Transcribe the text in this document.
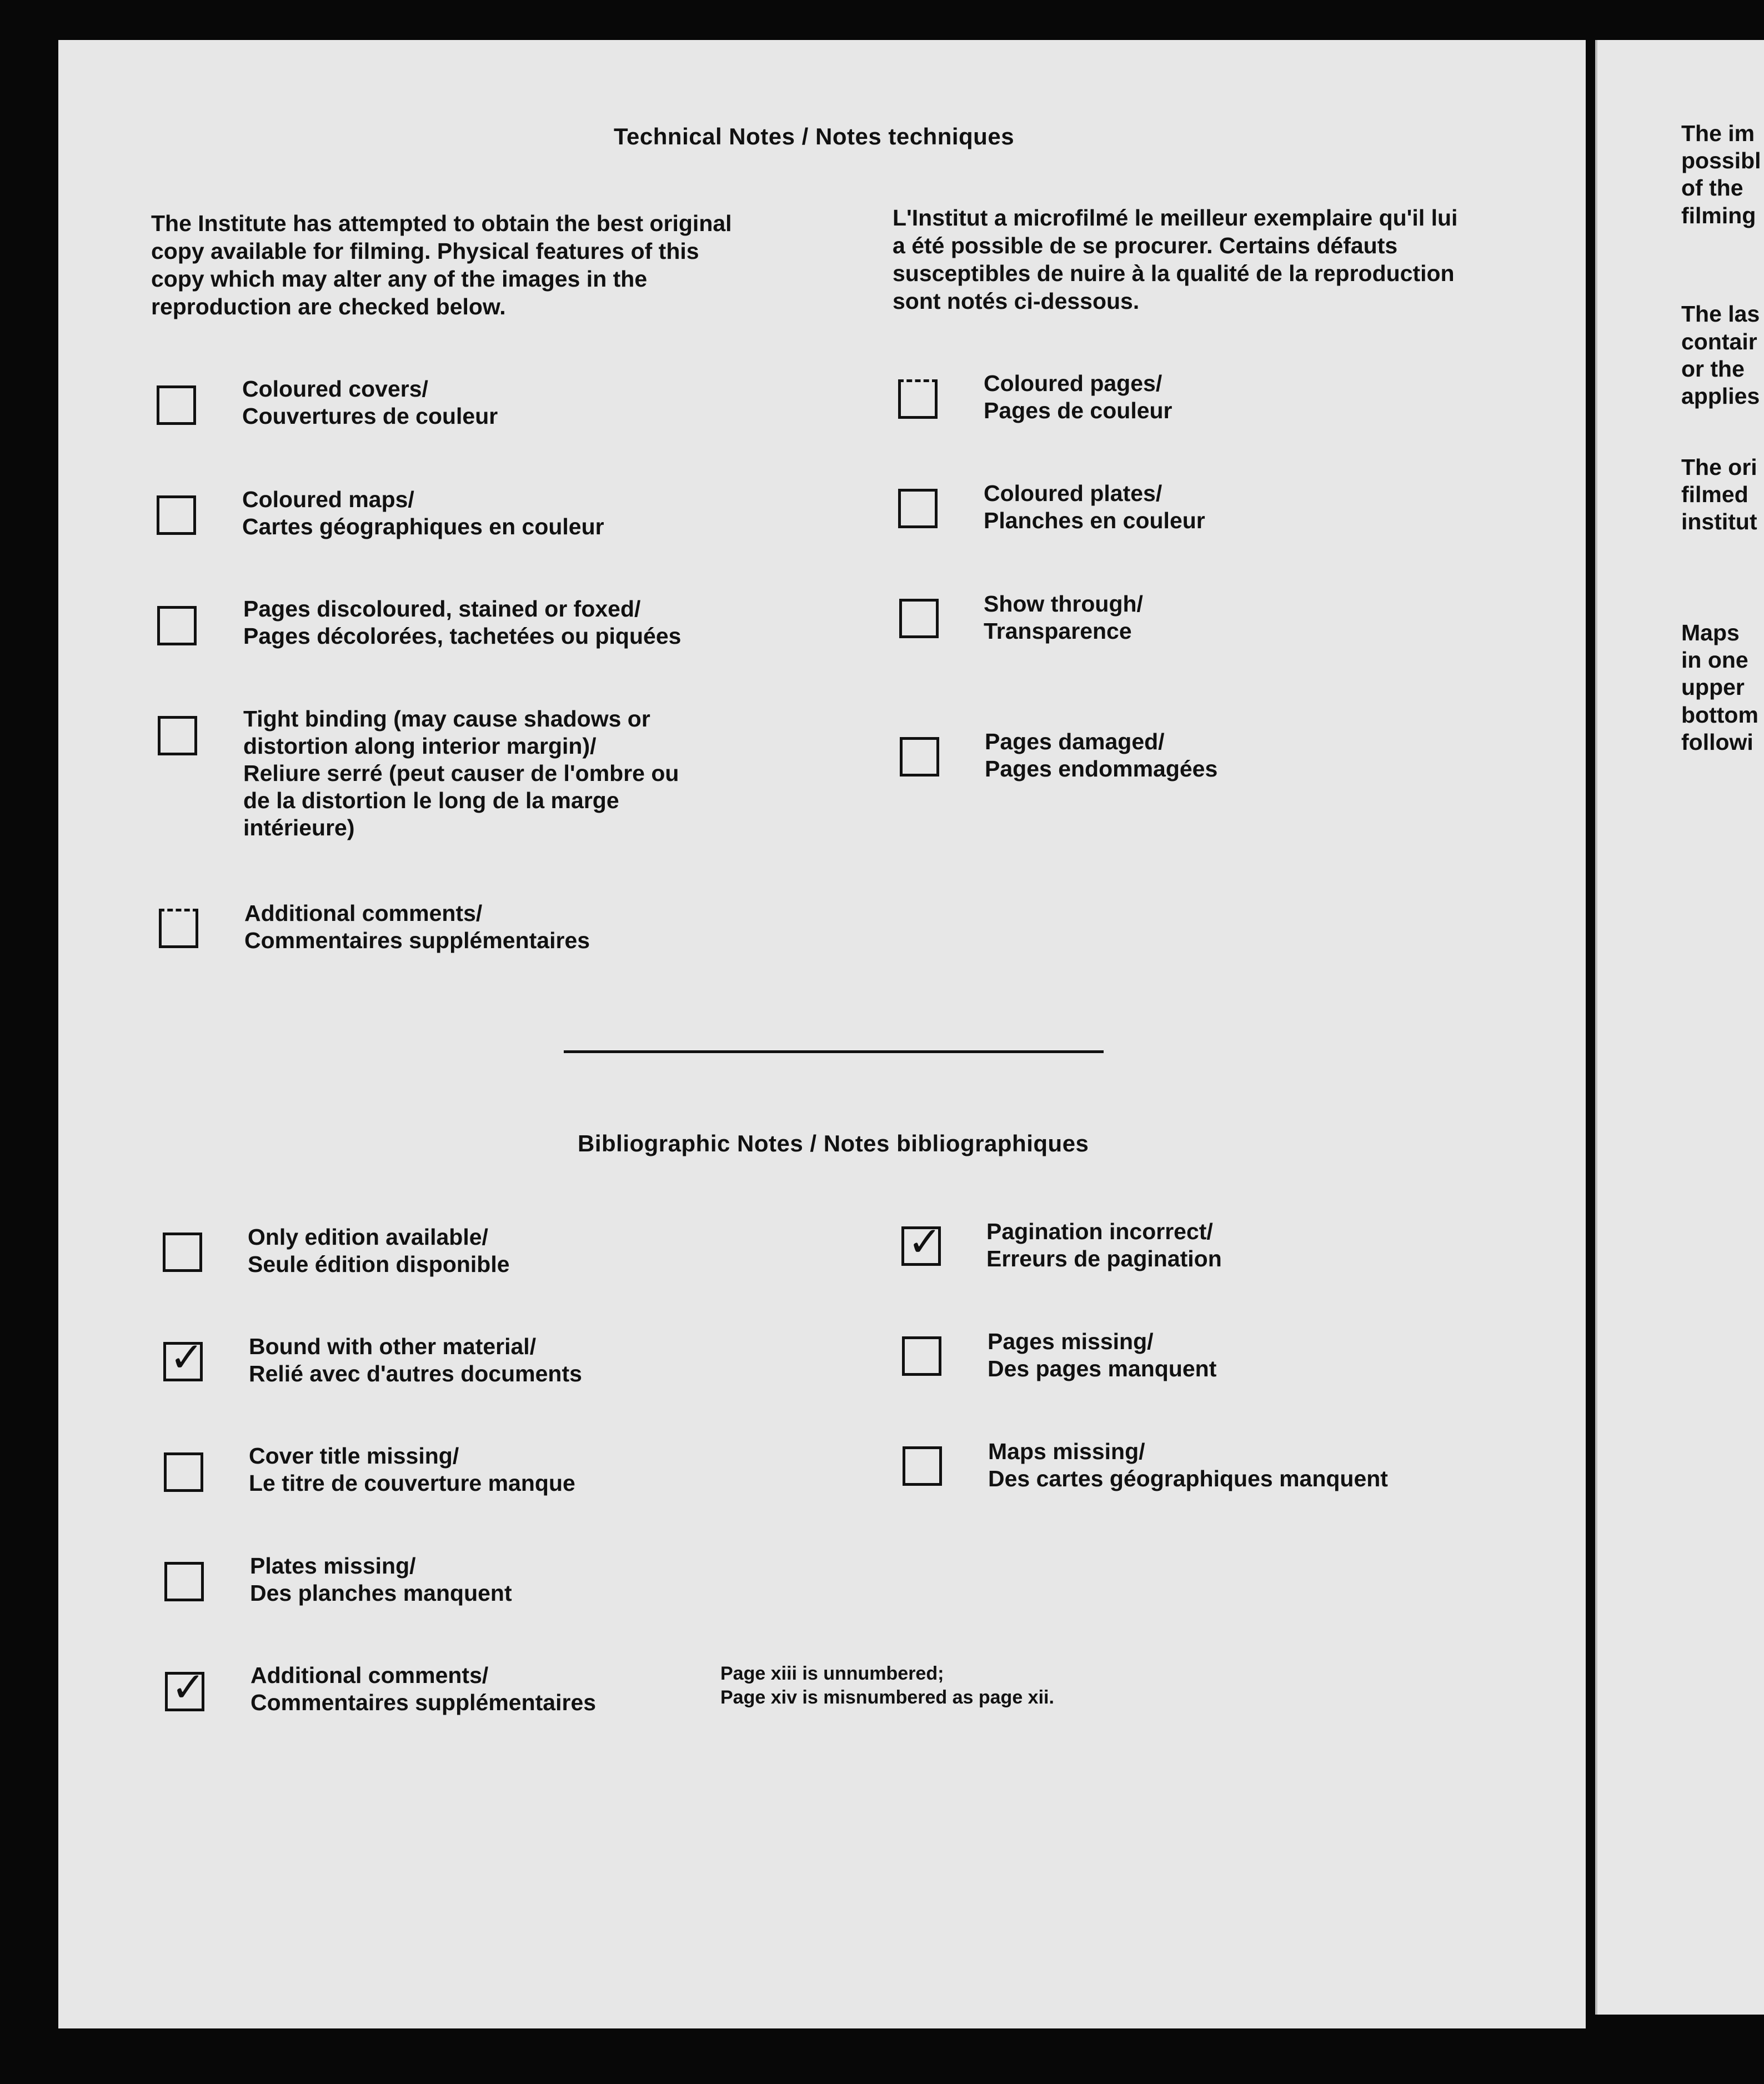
Technical Notes / Notes techniques
The Institute has attempted to obtain the best original copy available for filming. Physical features of this copy which may alter any of the images in the reproduction are checked below.
L'Institut a microfilmé le meilleur exemplaire qu'il lui a été possible de se procurer. Certains défauts susceptibles de nuire à la qualité de la reproduction sont notés ci-dessous.
Coloured covers/
Couvertures de couleur
Coloured maps/
Cartes géographiques en couleur
Pages discoloured, stained or foxed/
Pages décolorées, tachetées ou piquées
Tight binding (may cause shadows or
distortion along interior margin)/
Reliure serré (peut causer de l'ombre ou
de la distortion le long de la marge
intérieure)
Additional comments/
Commentaires supplémentaires
Coloured pages/
Pages de couleur
Coloured plates/
Planches en couleur
Show through/
Transparence
Pages damaged/
Pages endommagées
Bibliographic Notes / Notes bibliographiques
Only edition available/
Seule édition disponible
✓ Bound with other material/
Relié avec d'autres documents
Cover title missing/
Le titre de couverture manque
Plates missing/
Des planches manquent
✓ Additional comments/
Commentaires supplémentaires
Page xiii is unnumbered;
Page xiv is misnumbered as page xii.
✓ Pagination incorrect/
Erreurs de pagination
Pages missing/
Des pages manquent
Maps missing/
Des cartes géographiques manquent
The im
possibl
of the
filming
The las
contair
or the
applies
The ori
filmed
institut
Maps
in one
upper
bottom
followi
